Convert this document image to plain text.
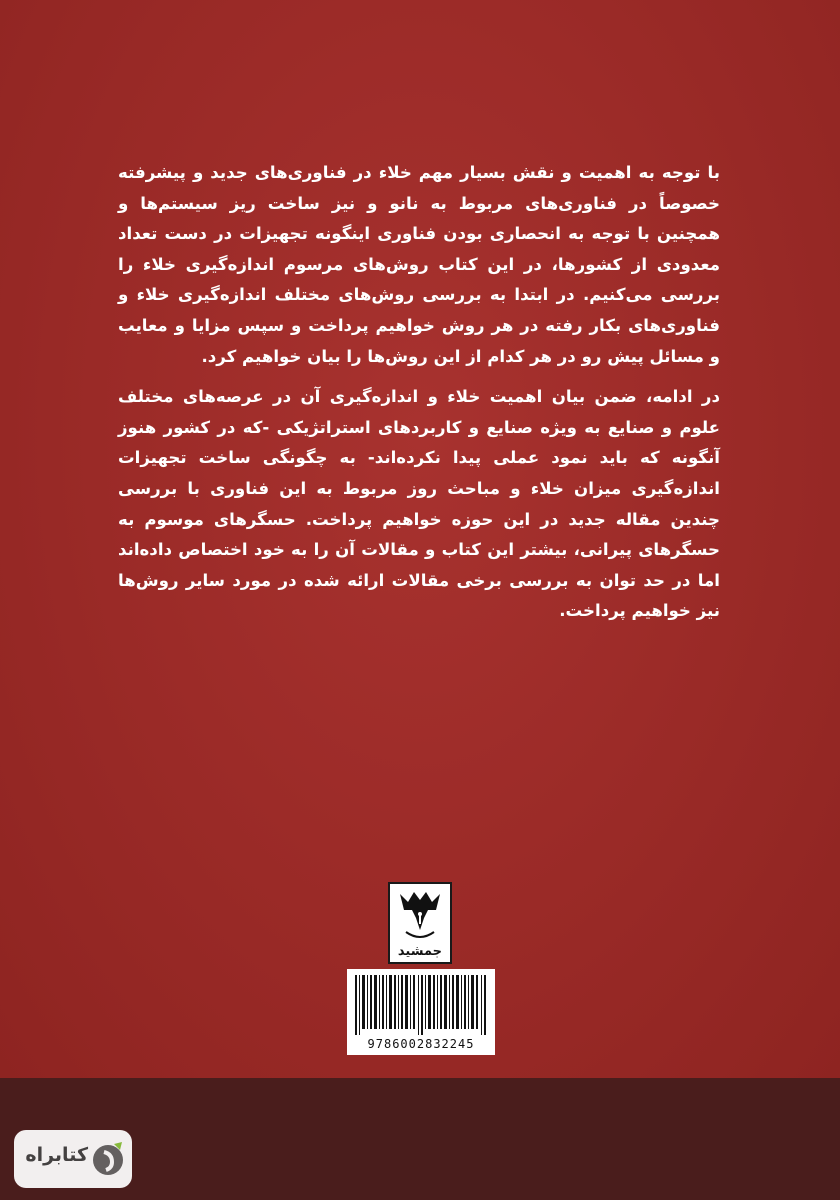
با توجه به اهمیت و نقش بسیار مهم خلاء در فناوری‌های جدید و پیشرفته خصوصاً در فناوری‌های مربوط به نانو و نیز ساخت ریز سیستم‌ها و همچنین با توجه به انحصاری بودن فناوری اینگونه تجهیزات در دست تعداد معدودی از کشورها، در این کتاب روش‌های مرسوم اندازه‌گیری خلاء را بررسی می‌کنیم. در ابتدا به بررسی روش‌های مختلف اندازه‌گیری خلاء و فناوری‌های بکار رفته در هر روش خواهیم پرداخت و سپس مزایا و معایب و مسائل پیش رو در هر کدام از این روش‌ها را بیان خواهیم کرد.

در ادامه، ضمن بیان اهمیت خلاء و اندازه‌گیری آن در عرصه‌های مختلف علوم و صنایع به ویژه صنایع و کاربردهای استراتژیکی -که در کشور هنوز آنگونه که باید نمود عملی پیدا نکرده‌اند- به چگونگی ساخت تجهیزات اندازه‌گیری میزان خلاء و مباحث روز مربوط به این فناوری با بررسی چندین مقاله جدید در این حوزه خواهیم پرداخت. حسگرهای موسوم به حسگرهای پیرانی، بیشتر این کتاب و مقالات آن را به خود اختصاص داده‌اند اما در حد توان به بررسی برخی مقالات ارائه شده در مورد سایر روش‌ها نیز خواهیم پرداخت.

جمشید
9786002832245
کتابراه
